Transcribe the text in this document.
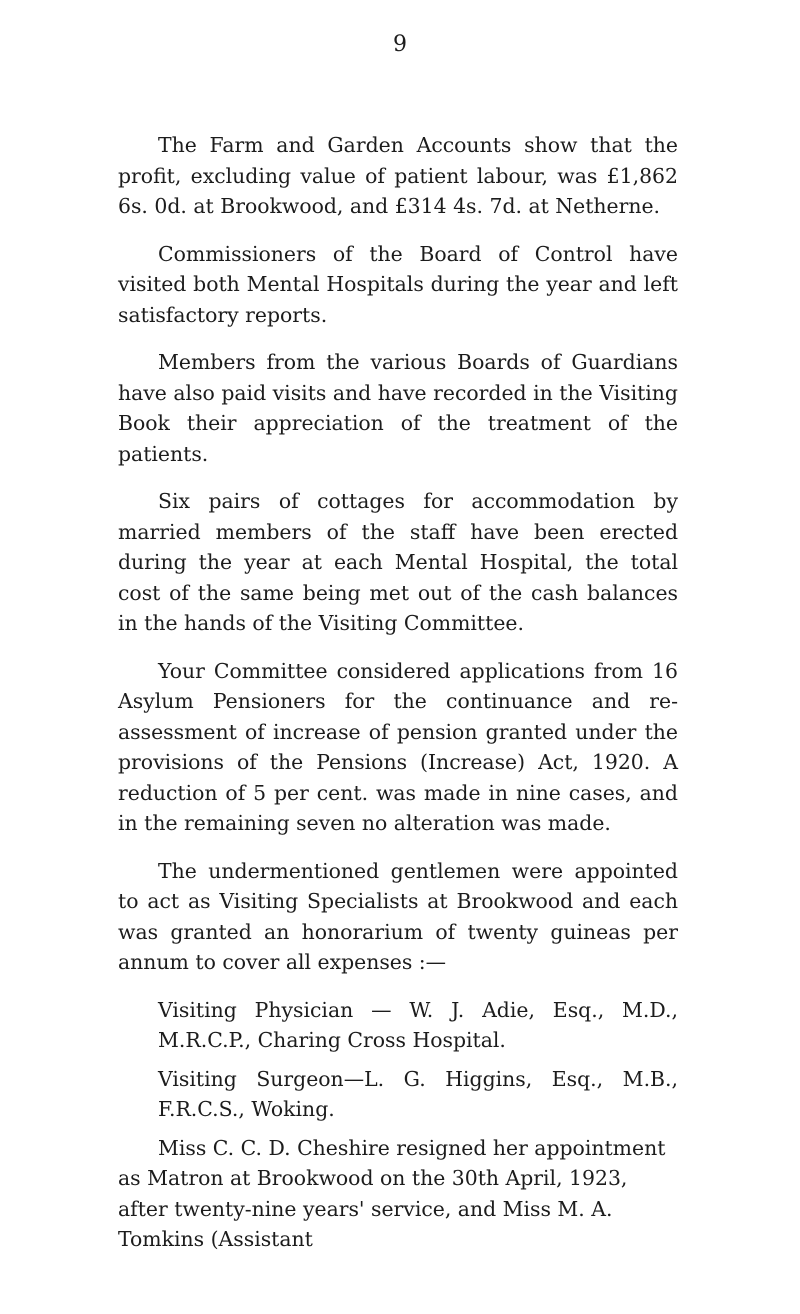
9

The Farm and Garden Accounts show that the profit, excluding value of patient labour, was £1,862 6s. 0d. at Brookwood, and £314 4s. 7d. at Netherne.

Commissioners of the Board of Control have visited both Mental Hospitals during the year and left satisfactory reports.

Members from the various Boards of Guardians have also paid visits and have recorded in the Visiting Book their appreciation of the treatment of the patients.

Six pairs of cottages for accommodation by married members of the staff have been erected during the year at each Mental Hospital, the total cost of the same being met out of the cash balances in the hands of the Visiting Committee.

Your Committee considered applications from 16 Asylum Pensioners for the continuance and re-assessment of increase of pension granted under the provisions of the Pensions (Increase) Act, 1920. A reduction of 5 per cent. was made in nine cases, and in the remaining seven no alteration was made.

The undermentioned gentlemen were appointed to act as Visiting Specialists at Brookwood and each was granted an honorarium of twenty guineas per annum to cover all expenses :—

Visiting Physician — W. J. Adie, Esq., M.D., M.R.C.P., Charing Cross Hospital.

Visiting Surgeon—L. G. Higgins, Esq., M.B., F.R.C.S., Woking.

Miss C. C. D. Cheshire resigned her appointment as Matron at Brookwood on the 30th April, 1923, after twenty-nine years' service, and Miss M. A. Tomkins (Assistant
